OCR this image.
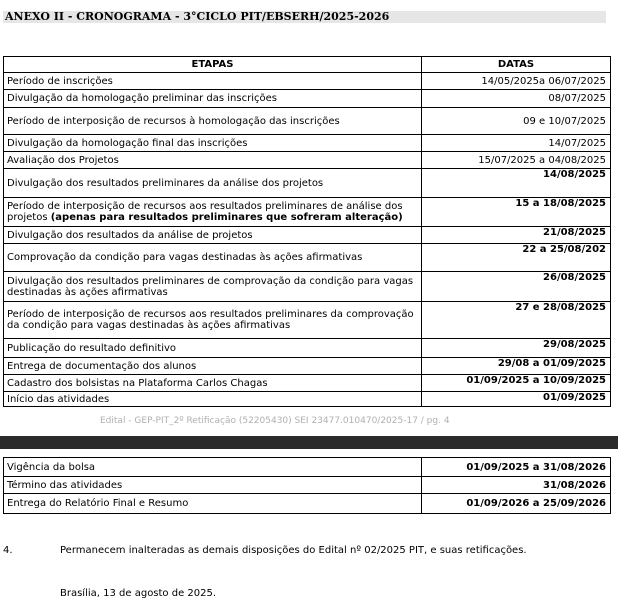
ANEXO II - CRONOGRAMA - 3°CICLO PIT/EBSERH/2025-2026
ETAPAS	DATAS
Período de inscrições	14/05/2025a 06/07/2025
Divulgação da homologação preliminar das inscrições	08/07/2025
Período de interposição de recursos à homologação das inscrições	09 e 10/07/2025
Divulgação da homologação final das inscrições	14/07/2025
Avaliação dos Projetos	15/07/2025 a 04/08/2025
Divulgação dos resultados preliminares da análise dos projetos	14/08/2025
Período de interposição de recursos aos resultados preliminares de análise dos projetos (apenas para resultados preliminares que sofreram alteração)	15 a 18/08/2025
Divulgação dos resultados da análise de projetos	21/08/2025
Comprovação da condição para vagas destinadas às ações afirmativas	22 a 25/08/202
Divulgação dos resultados preliminares de comprovação da condição para vagas destinadas às ações afirmativas	26/08/2025
Período de interposição de recursos aos resultados preliminares da comprovação da condição para vagas destinadas às ações afirmativas	27 e 28/08/2025
Publicação do resultado definitivo	29/08/2025
Entrega de documentação dos alunos	29/08 a 01/09/2025
Cadastro dos bolsistas na Plataforma Carlos Chagas	01/09/2025 a 10/09/2025
Início das atividades	01/09/2025
Edital - GEP-PIT_2º Retificação (52205430) SEI 23477.010470/2025-17 / pg. 4
Vigência da bolsa	01/09/2025 a 31/08/2026
Término das atividades	31/08/2026
Entrega do Relatório Final e Resumo	01/09/2026 a 25/09/2026
4.	Permanecem inalteradas as demais disposições do Edital nº 02/2025 PIT, e suas retificações.
Brasília, 13 de agosto de 2025.
